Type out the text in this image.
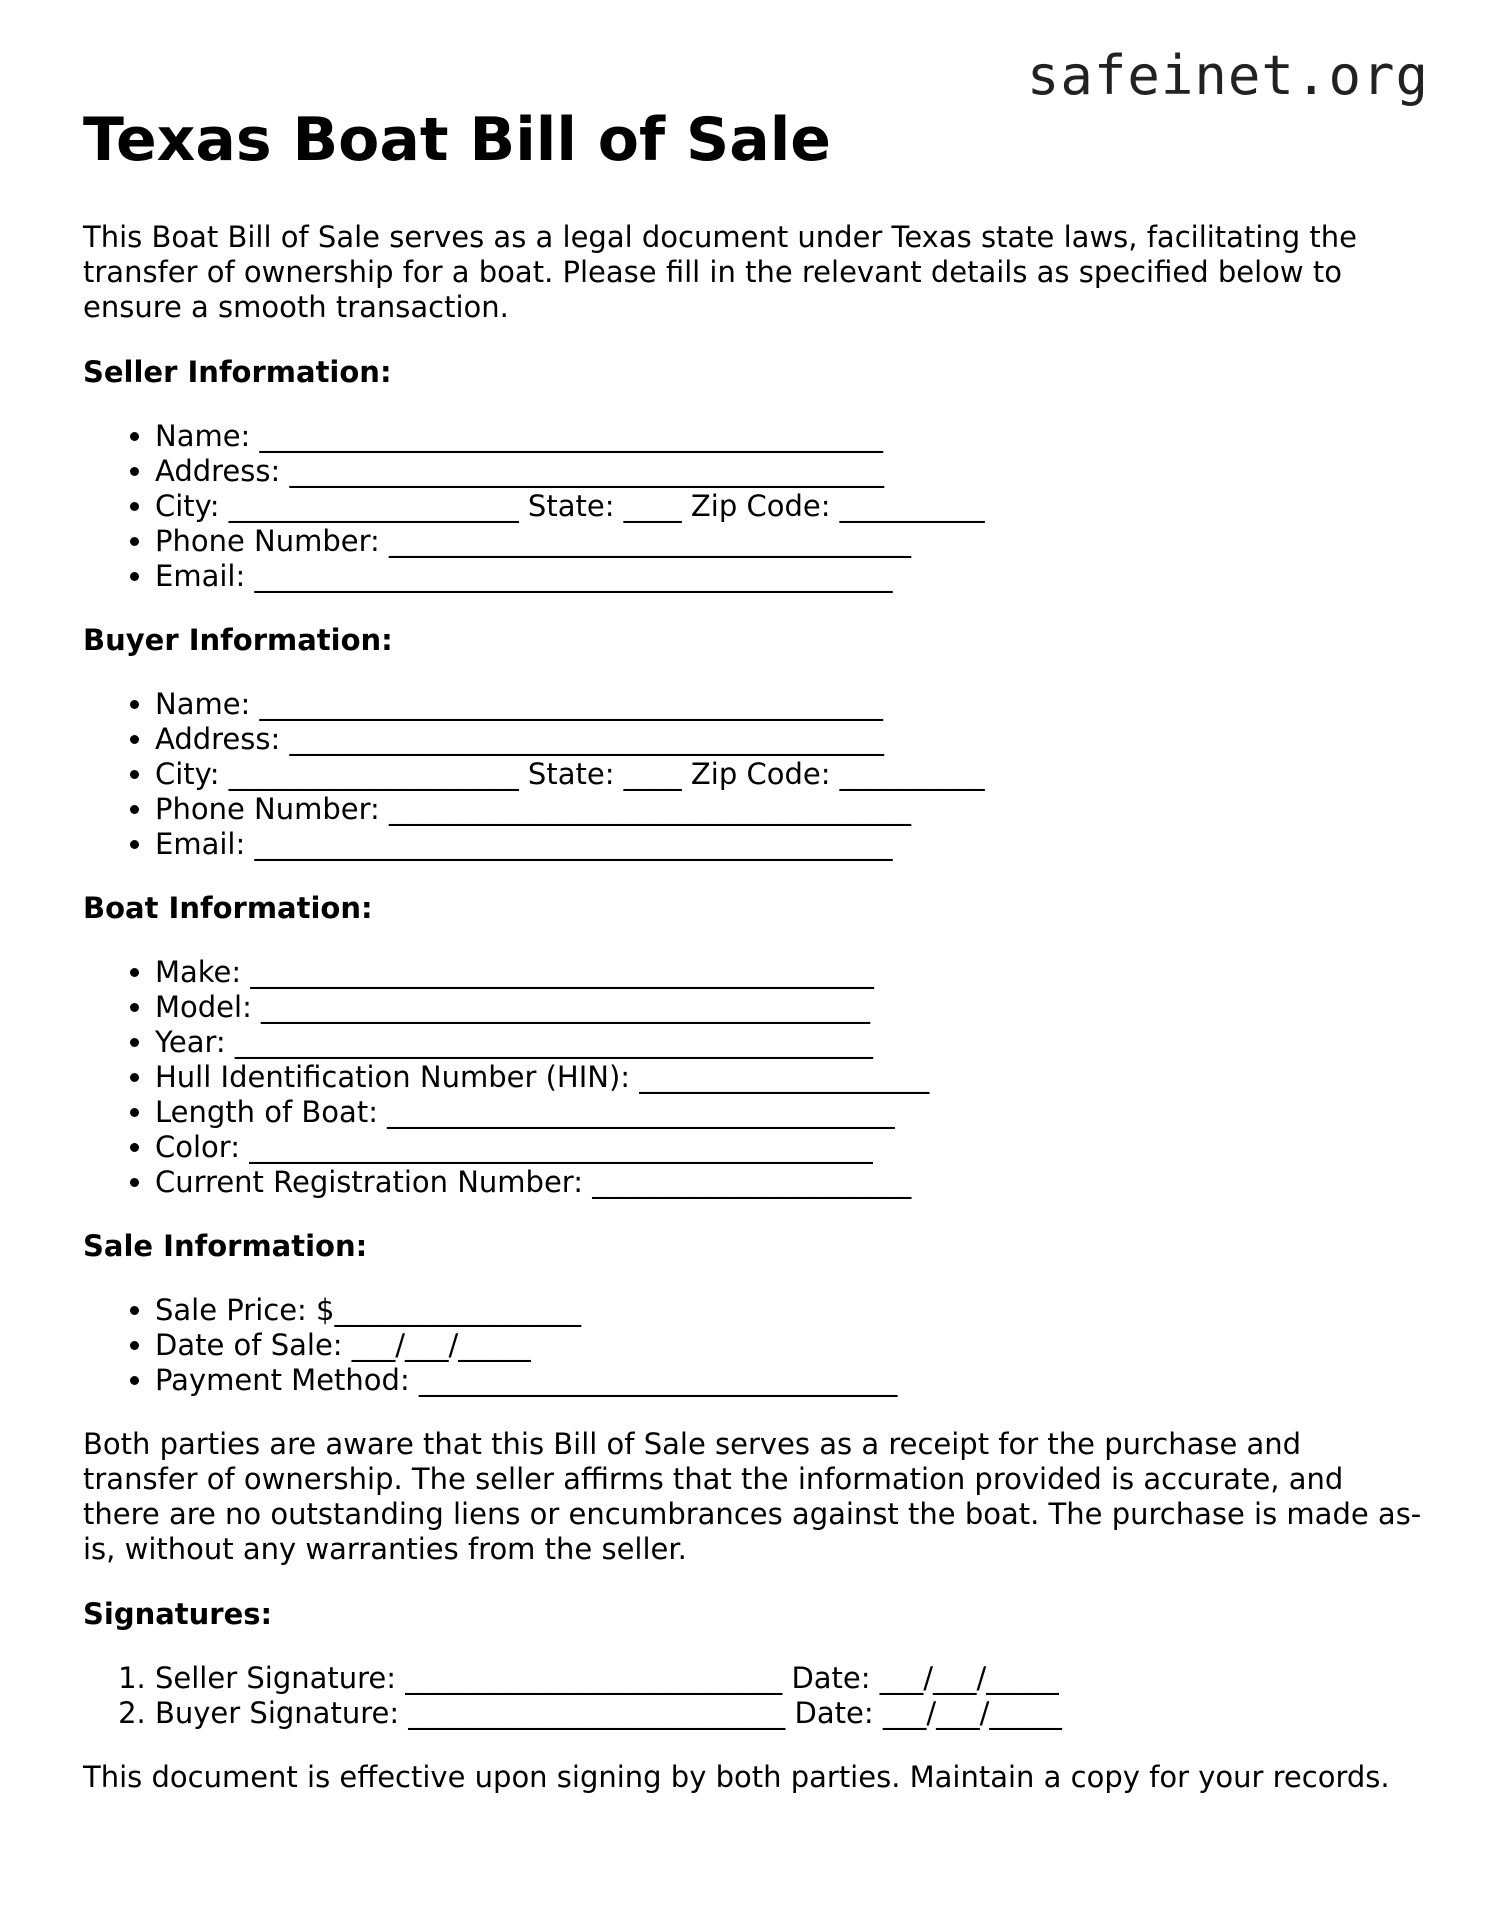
safeinet.org
Texas Boat Bill of Sale

This Boat Bill of Sale serves as a legal document under Texas state laws, facilitating the transfer of ownership for a boat. Please fill in the relevant details as specified below to ensure a smooth transaction.

Seller Information:
• Name: ___________________________________________
• Address: _________________________________________
• City: ____________________ State: ____ Zip Code: __________
• Phone Number: ____________________________________
• Email: ____________________________________________
Buyer Information:
• Name: ___________________________________________
• Address: _________________________________________
• City: ____________________ State: ____ Zip Code: __________
• Phone Number: ____________________________________
• Email: ____________________________________________
Boat Information:
• Make: ___________________________________________
• Model: __________________________________________
• Year: ____________________________________________
• Hull Identification Number (HIN): ____________________
• Length of Boat: ___________________________________
• Color: ___________________________________________
• Current Registration Number: ______________________
Sale Information:
• Sale Price: $_________________
• Date of Sale: ___/___/_____
• Payment Method: _________________________________

Both parties are aware that this Bill of Sale serves as a receipt for the purchase and transfer of ownership. The seller affirms that the information provided is accurate, and there are no outstanding liens or encumbrances against the boat. The purchase is made as-is, without any warranties from the seller.

Signatures:
1. Seller Signature: __________________________ Date: ___/___/_____
2. Buyer Signature: __________________________ Date: ___/___/_____

This document is effective upon signing by both parties. Maintain a copy for your records.
